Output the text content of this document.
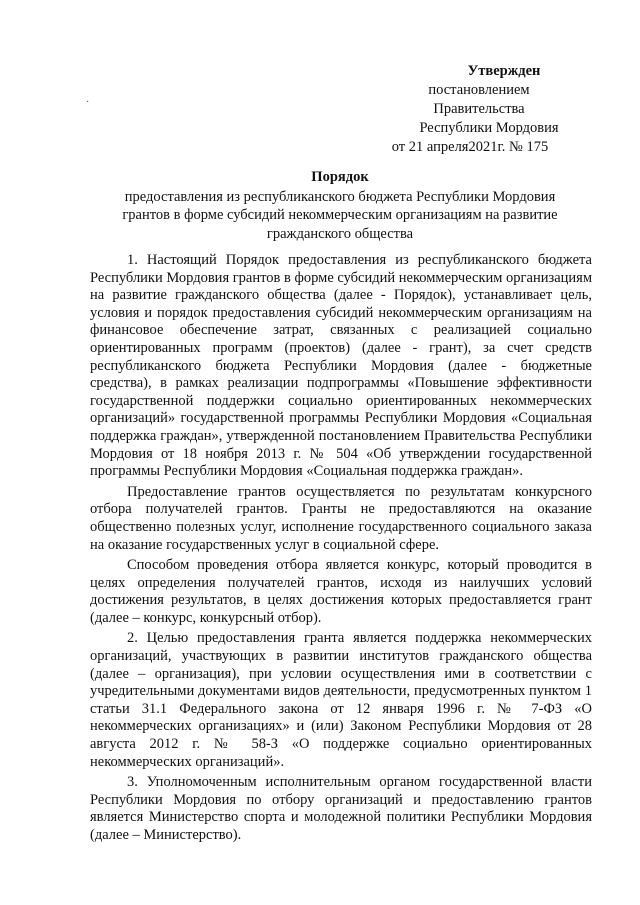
Утвержден
постановлением Правительства
Республики Мордовия
от 21 апреля2021г. № 175
·
Порядок
предоставления из республиканского бюджета Республики Мордовия грантов в форме субсидий некоммерческим организациям на развитие гражданского общества

1. Настоящий Порядок предоставления из республиканского бюджета Республики Мордовия грантов в форме субсидий некоммерческим организациям на развитие гражданского общества (далее - Порядок), устанавливает цель, условия и порядок предоставления субсидий некоммерческим организациям на финансовое обеспечение затрат, связанных с реализацией социально ориентированных программ (проектов) (далее - грант), за счет средств республиканского бюджета Республики Мордовия (далее - бюджетные средства), в рамках реализации подпрограммы «Повышение эффективности государственной поддержки социально ориентированных некоммерческих организаций» государственной программы Республики Мордовия «Социальная поддержка граждан», утвержденной постановлением Правительства Республики Мордовия от 18 ноября 2013 г. № 504 «Об утверждении государственной программы Республики Мордовия «Социальная поддержка граждан».

Предоставление грантов осуществляется по результатам конкурсного отбора получателей грантов. Гранты не предоставляются на оказание общественно полезных услуг, исполнение государственного социального заказа на оказание государственных услуг в социальной сфере.

Способом проведения отбора является конкурс, который проводится в целях определения получателей грантов, исходя из наилучших условий достижения результатов, в целях достижения которых предоставляется грант (далее – конкурс, конкурсный отбор).

2. Целью предоставления гранта является поддержка некоммерческих организаций, участвующих в развитии институтов гражданского общества (далее – организация), при условии осуществления ими в соответствии с учредительными документами видов деятельности, предусмотренных пунктом 1 статьи 31.1 Федерального закона от 12 января 1996 г. № 7-ФЗ «О некоммерческих организациях» и (или) Законом Республики Мордовия от 28 августа 2012 г. № 58-З «О поддержке социально ориентированных некоммерческих организаций».

3. Уполномоченным исполнительным органом государственной власти Республики Мордовия по отбору организаций и предоставлению грантов является Министерство спорта и молодежной политики Республики Мордовия (далее – Министерство).
